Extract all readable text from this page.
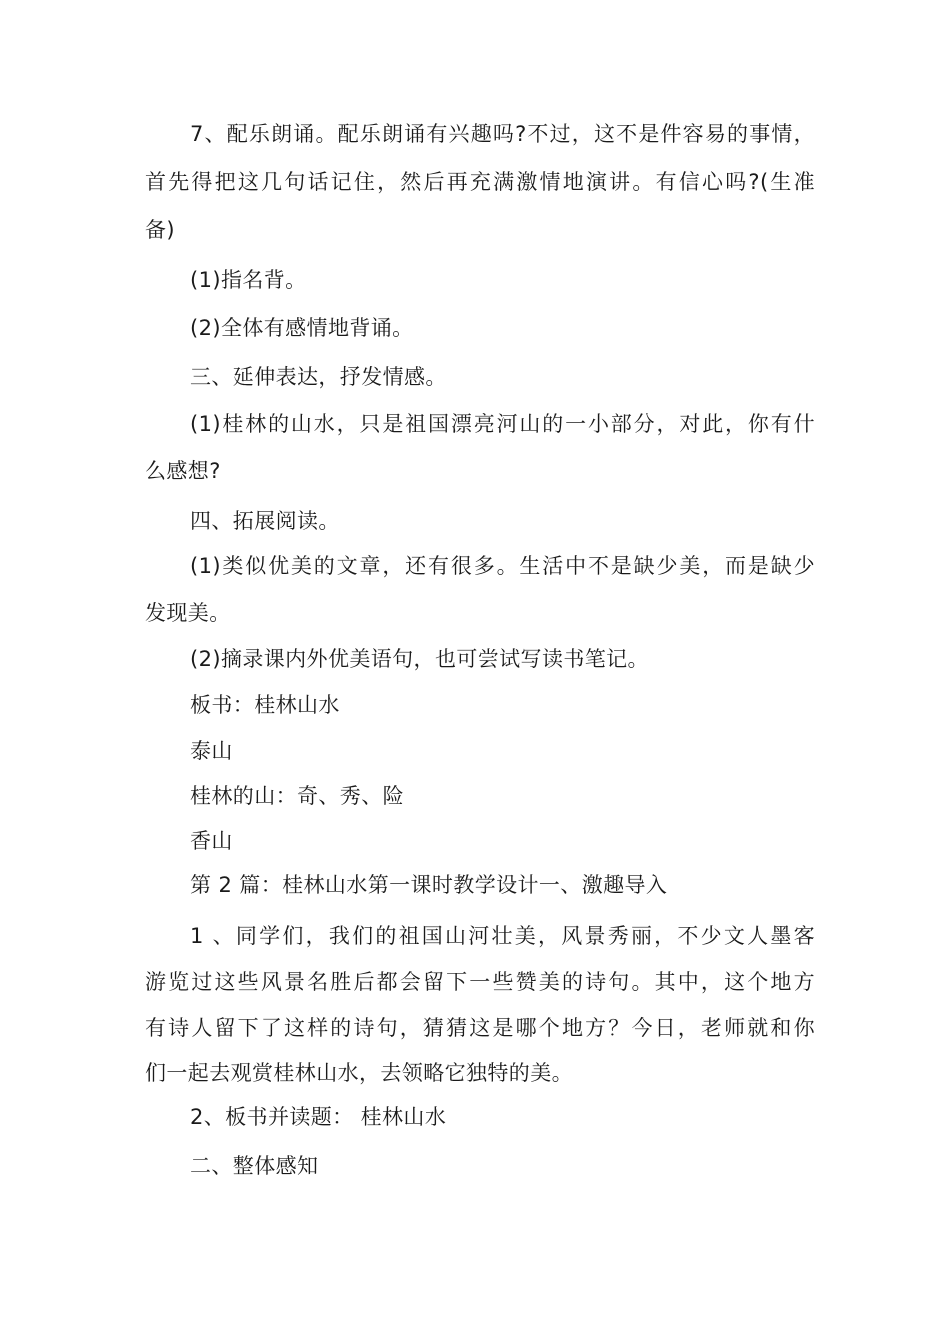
7、配乐朗诵。配乐朗诵有兴趣吗?不过，这不是件容易的事情，
首先得把这几句话记住，然后再充满激情地演讲。有信心吗?(生准
备)
(1)指名背。
(2)全体有感情地背诵。
三、延伸表达，抒发情感。
(1)桂林的山水，只是祖国漂亮河山的一小部分，对此，你有什
么感想?
四、拓展阅读。
(1)类似优美的文章，还有很多。生活中不是缺少美，而是缺少
发现美。
(2)摘录课内外优美语句，也可尝试写读书笔记。
板书：桂林山水
泰山
桂林的山：奇、秀、险
香山
第 2 篇：桂林山水第一课时教学设计一、激趣导入
1 、同学们，我们的祖国山河壮美，风景秀丽，不少文人墨客
游览过这些风景名胜后都会留下一些赞美的诗句。其中，这个地方
有诗人留下了这样的诗句，猜猜这是哪个地方？今日，老师就和你
们一起去观赏桂林山水，去领略它独特的美。
2、板书并读题： 桂林山水
二、整体感知
